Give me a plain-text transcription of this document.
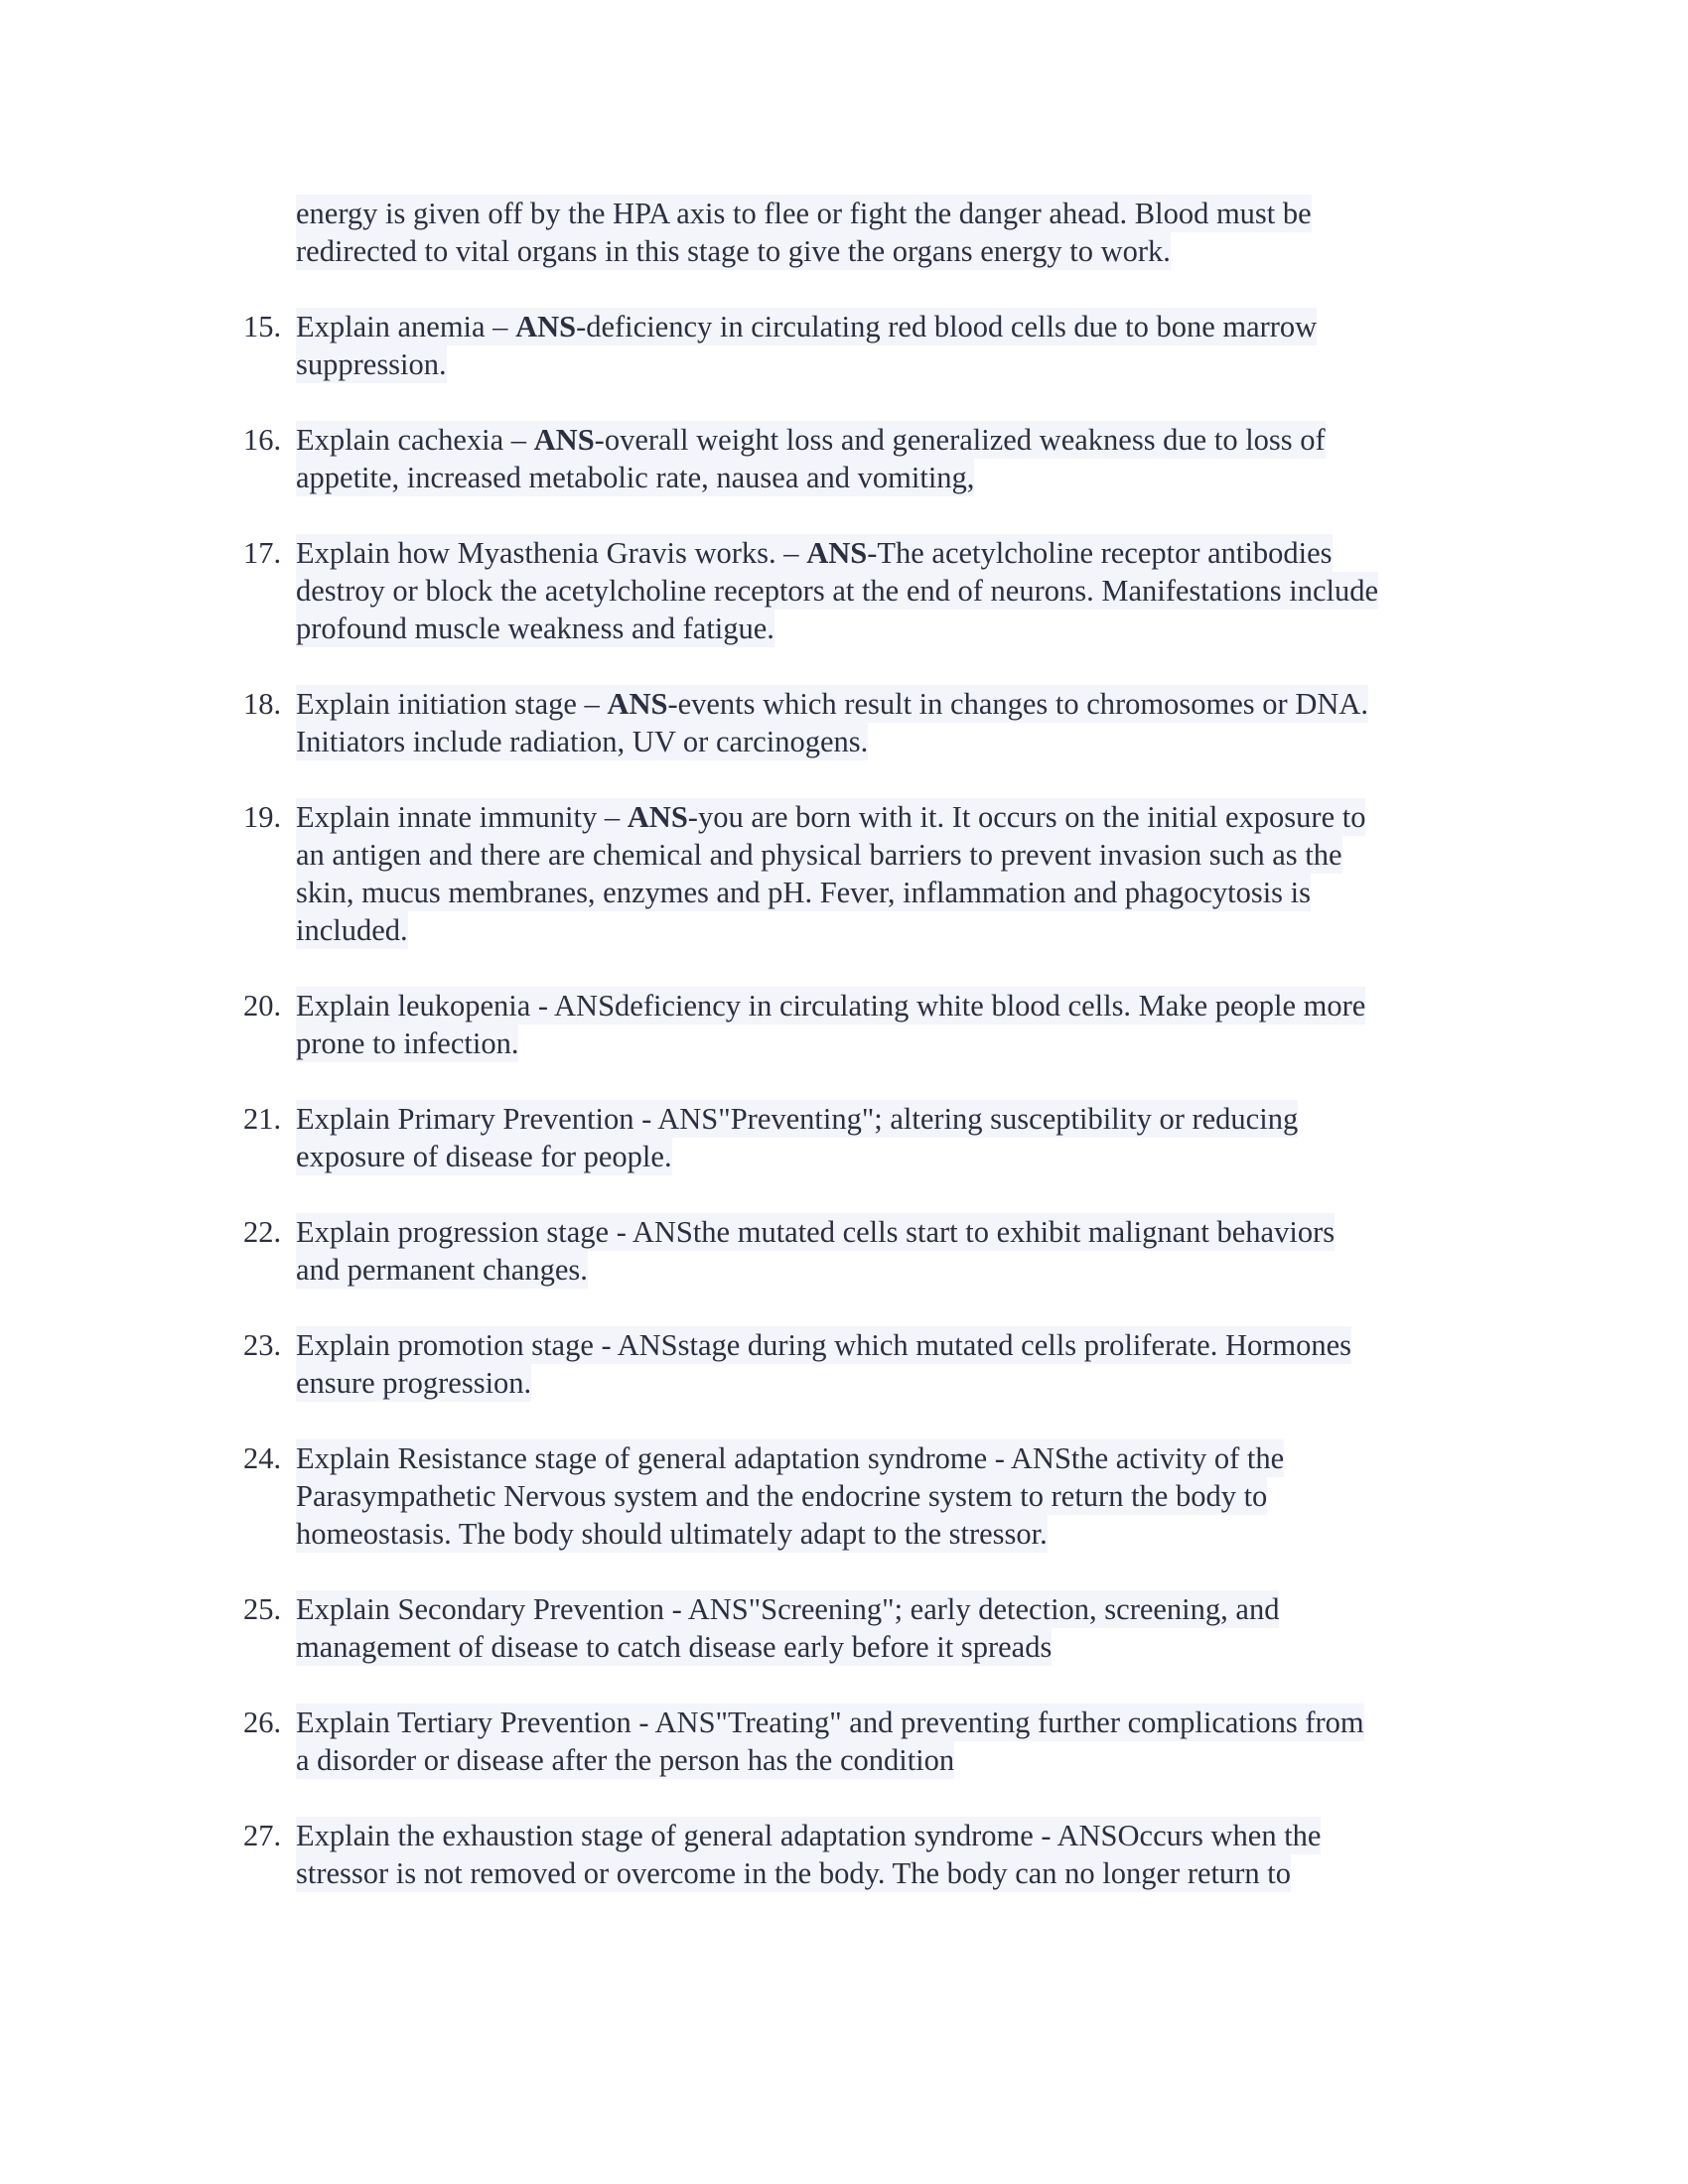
energy is given off by the HPA axis to flee or fight the danger ahead. Blood must be
redirected to vital organs in this stage to give the organs energy to work.
15. Explain anemia – ANS-deficiency in circulating red blood cells due to bone marrow
suppression.
16. Explain cachexia – ANS-overall weight loss and generalized weakness due to loss of
appetite, increased metabolic rate, nausea and vomiting,
17. Explain how Myasthenia Gravis works. – ANS-The acetylcholine receptor antibodies
destroy or block the acetylcholine receptors at the end of neurons. Manifestations include
profound muscle weakness and fatigue.
18. Explain initiation stage – ANS-events which result in changes to chromosomes or DNA.
Initiators include radiation, UV or carcinogens.
19. Explain innate immunity – ANS-you are born with it. It occurs on the initial exposure to
an antigen and there are chemical and physical barriers to prevent invasion such as the
skin, mucus membranes, enzymes and pH. Fever, inflammation and phagocytosis is
included.
20. Explain leukopenia - ANSdeficiency in circulating white blood cells. Make people more
prone to infection.
21. Explain Primary Prevention - ANS"Preventing"; altering susceptibility or reducing
exposure of disease for people.
22. Explain progression stage - ANSthe mutated cells start to exhibit malignant behaviors
and permanent changes.
23. Explain promotion stage - ANSstage during which mutated cells proliferate. Hormones
ensure progression.
24. Explain Resistance stage of general adaptation syndrome - ANSthe activity of the
Parasympathetic Nervous system and the endocrine system to return the body to
homeostasis. The body should ultimately adapt to the stressor.
25. Explain Secondary Prevention - ANS"Screening"; early detection, screening, and
management of disease to catch disease early before it spreads
26. Explain Tertiary Prevention - ANS"Treating" and preventing further complications from
a disorder or disease after the person has the condition
27. Explain the exhaustion stage of general adaptation syndrome - ANSOccurs when the
stressor is not removed or overcome in the body. The body can no longer return to
